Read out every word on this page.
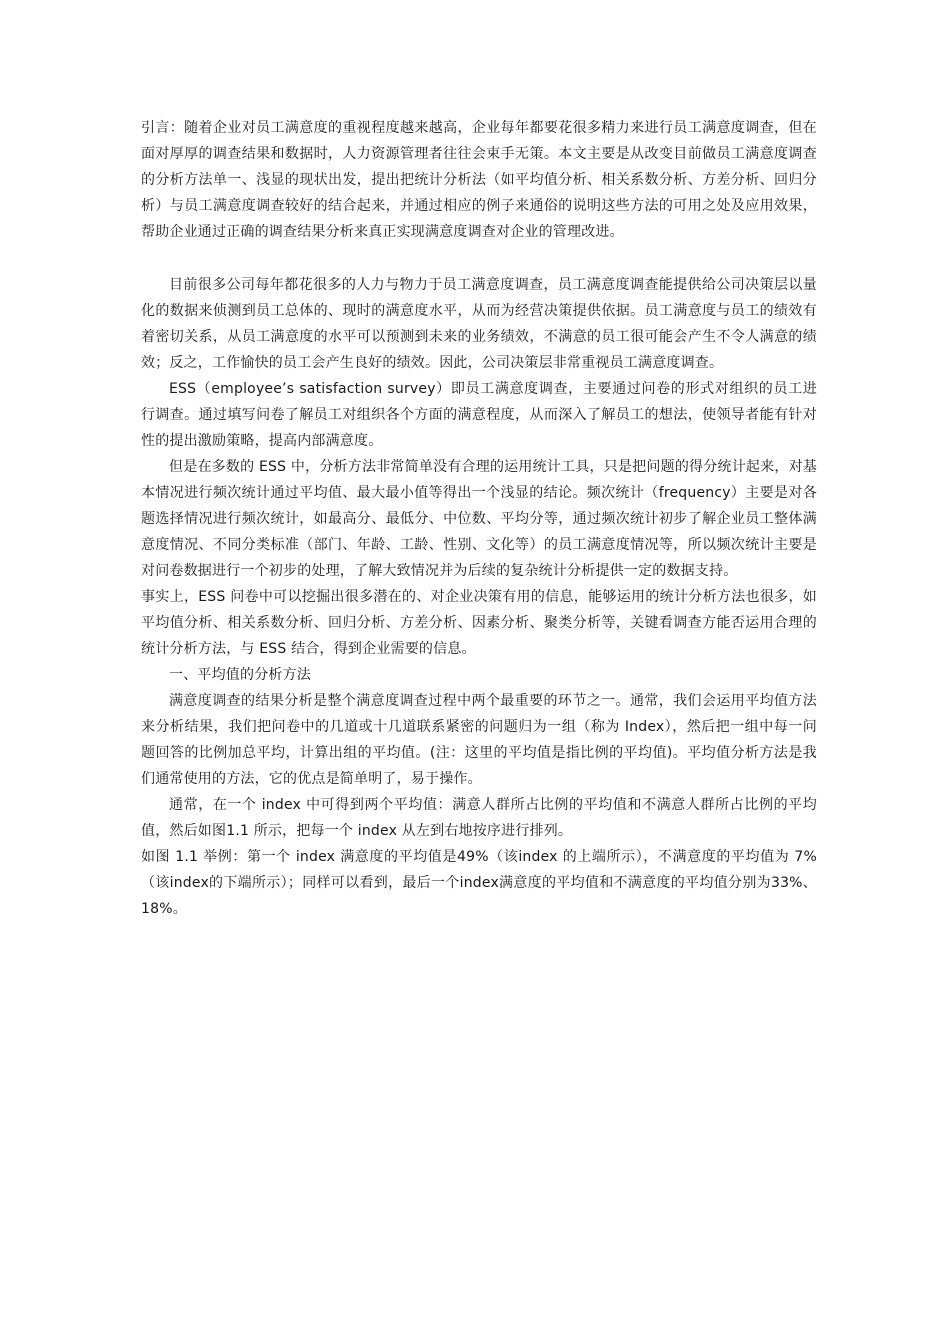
引言：随着企业对员工满意度的重视程度越来越高，企业每年都要花很多精力来进行员工满意度调查，但在面对厚厚的调查结果和数据时，人力资源管理者往往会束手无策。本文主要是从改变目前做员工满意度调查的分析方法单一、浅显的现状出发，提出把统计分析法（如平均值分析、相关系数分析、方差分析、回归分析）与员工满意度调查较好的结合起来，并通过相应的例子来通俗的说明这些方法的可用之处及应用效果，帮助企业通过正确的调查结果分析来真正实现满意度调查对企业的管理改进。

目前很多公司每年都花很多的人力与物力于员工满意度调查，员工满意度调查能提供给公司决策层以量化的数据来侦测到员工总体的、现时的满意度水平，从而为经营决策提供依据。员工满意度与员工的绩效有着密切关系，从员工满意度的水平可以预测到未来的业务绩效，不满意的员工很可能会产生不令人满意的绩效；反之，工作愉快的员工会产生良好的绩效。因此，公司决策层非常重视员工满意度调查。

ESS（employee’s satisfaction survey）即员工满意度调查，主要通过问卷的形式对组织的员工进行调查。通过填写问卷了解员工对组织各个方面的满意程度，从而深入了解员工的想法，使领导者能有针对性的提出激励策略，提高内部满意度。

但是在多数的 ESS 中，分析方法非常简单没有合理的运用统计工具，只是把问题的得分统计起来，对基本情况进行频次统计通过平均值、最大最小值等得出一个浅显的结论。频次统计（frequency）主要是对各题选择情况进行频次统计，如最高分、最低分、中位数、平均分等，通过频次统计初步了解企业员工整体满意度情况、不同分类标准（部门、年龄、工龄、性别、文化等）的员工满意度情况等，所以频次统计主要是对问卷数据进行一个初步的处理，了解大致情况并为后续的复杂统计分析提供一定的数据支持。

事实上，ESS 问卷中可以挖掘出很多潜在的、对企业决策有用的信息，能够运用的统计分析方法也很多，如平均值分析、相关系数分析、回归分析、方差分析、因素分析、聚类分析等，关键看调查方能否运用合理的统计分析方法，与 ESS 结合，得到企业需要的信息。

一、平均值的分析方法

满意度调查的结果分析是整个满意度调查过程中两个最重要的环节之一。通常，我们会运用平均值方法来分析结果，我们把问卷中的几道或十几道联系紧密的问题归为一组（称为 Index），然后把一组中每一问题回答的比例加总平均，计算出组的平均值。(注：这里的平均值是指比例的平均值)。平均值分析方法是我们通常使用的方法，它的优点是简单明了，易于操作。

通常，在一个 index 中可得到两个平均值：满意人群所占比例的平均值和不满意人群所占比例的平均值，然后如图1.1 所示，把每一个 index 从左到右地按序进行排列。

如图 1.1 举例：第一个 index 满意度的平均值是49%（该index 的上端所示），不满意度的平均值为 7%（该index的下端所示）；同样可以看到，最后一个index满意度的平均值和不满意度的平均值分别为33%、18%。
